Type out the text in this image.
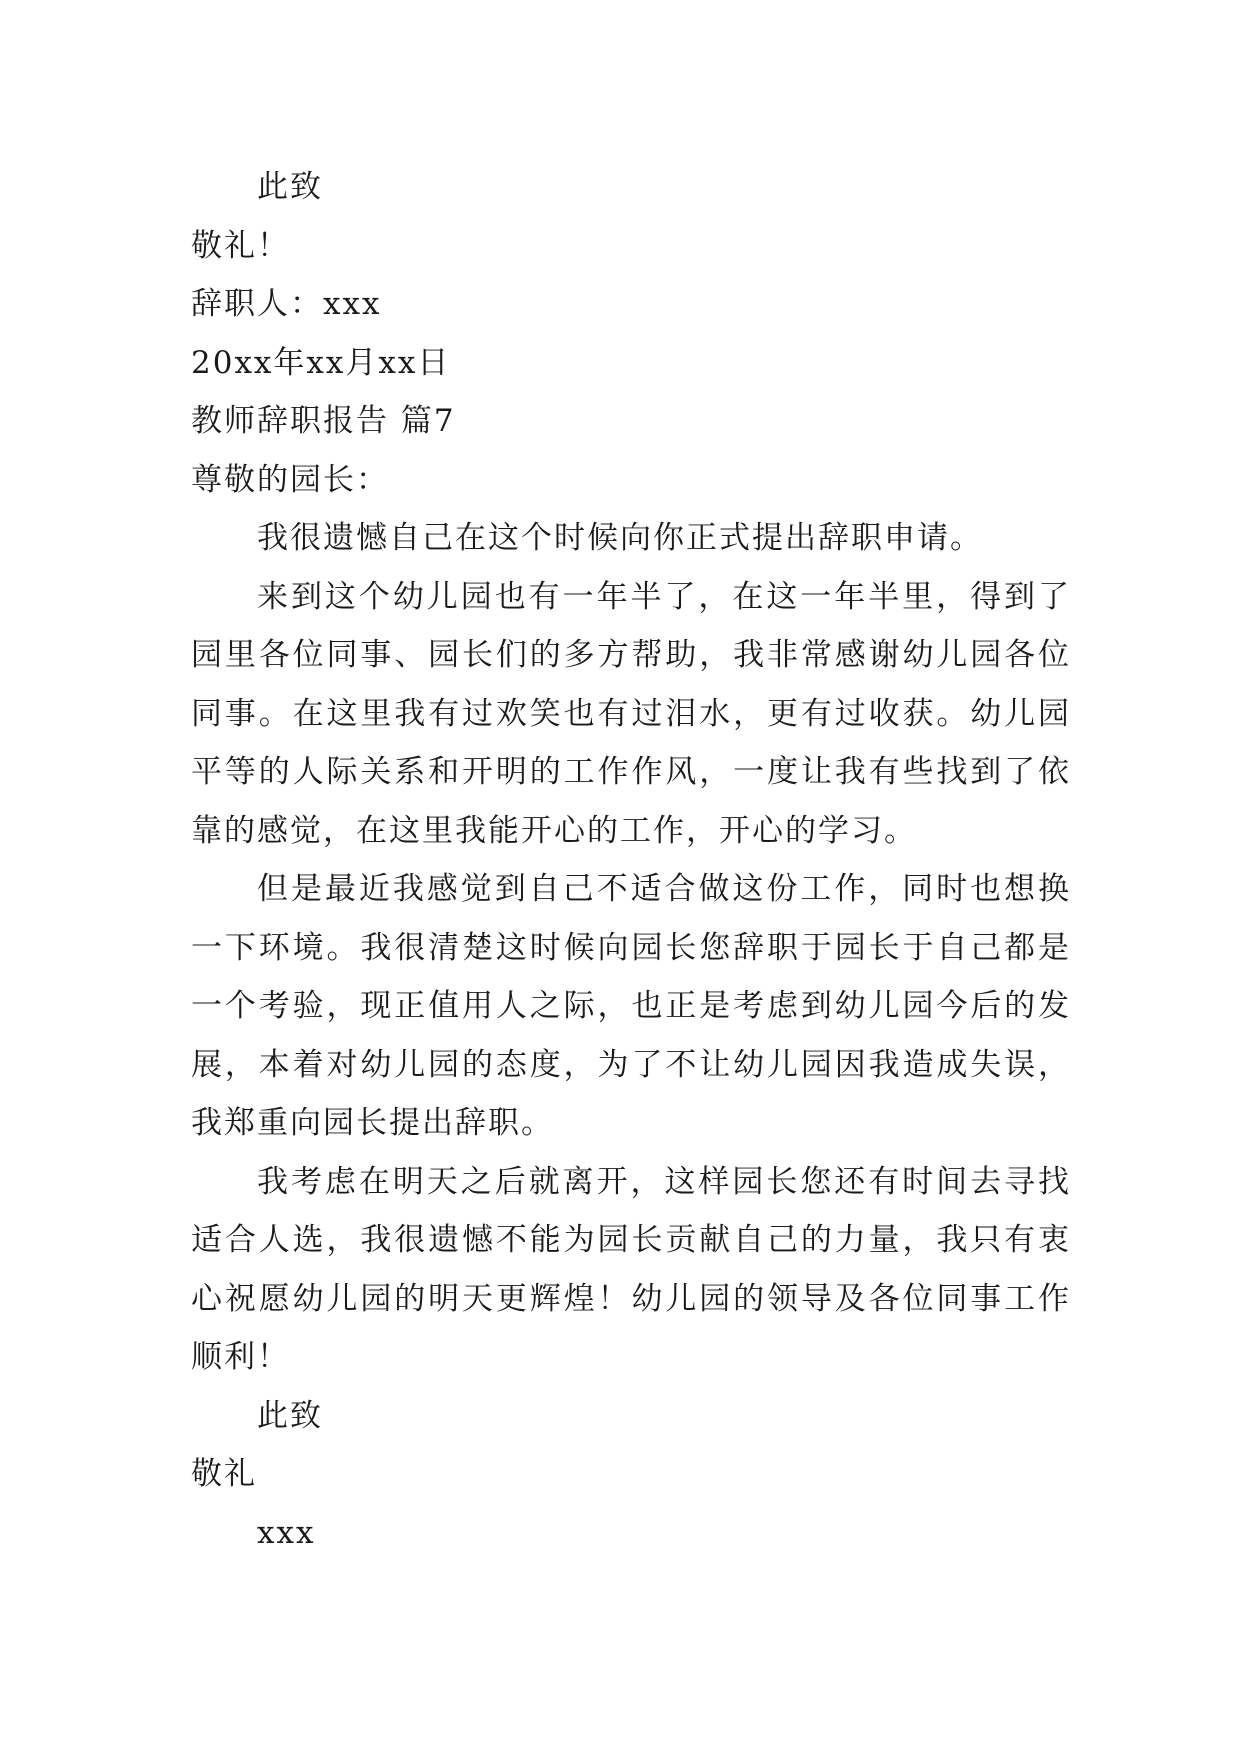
此致
敬礼！
辞职人：xxx
20xx年xx月xx日
教师辞职报告 篇7
尊敬的园长：
我很遗憾自己在这个时候向你正式提出辞职申请。
来到这个幼儿园也有一年半了，在这一年半里，得到了园里各位同事、园长们的多方帮助，我非常感谢幼儿园各位同事。在这里我有过欢笑也有过泪水，更有过收获。幼儿园平等的人际关系和开明的工作作风，一度让我有些找到了依靠的感觉，在这里我能开心的工作，开心的学习。
但是最近我感觉到自己不适合做这份工作，同时也想换一下环境。我很清楚这时候向园长您辞职于园长于自己都是一个考验，现正值用人之际，也正是考虑到幼儿园今后的发展，本着对幼儿园的态度，为了不让幼儿园因我造成失误，我郑重向园长提出辞职。
我考虑在明天之后就离开，这样园长您还有时间去寻找适合人选，我很遗憾不能为园长贡献自己的力量，我只有衷心祝愿幼儿园的明天更辉煌！幼儿园的领导及各位同事工作顺利！
此致
敬礼
xxx
